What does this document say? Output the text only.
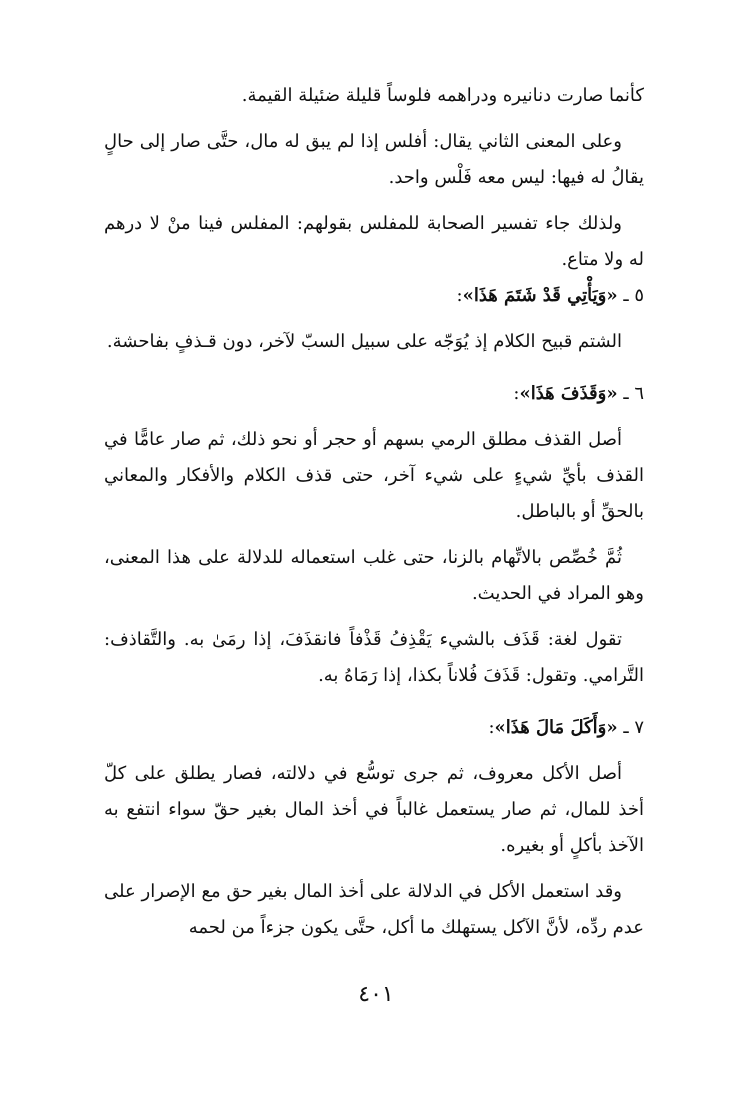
كأنما صارت دنانيره ودراهمه فلوساً قليلة ضئيلة القيمة.

وعلى المعنى الثاني يقال: أفلس إذا لم يبق له مال، حتَّى صار إلى حالٍ يقالُ له فيها: ليس معه فَلْس واحد.

ولذلك جاء تفسير الصحابة للمفلس بقولهم: المفلس فينا منْ لا درهم له ولا متاع.

٥ ـ «وَيَأْتِي قَدْ شَتَمَ هَذَا»:

الشتم قبيح الكلام إذ يُوَجّه على سبيل السبّ لآخر، دون قـذفٍ بفاحشة.

٦ ـ «وَقَذَفَ هَذَا»:

أصل القذف مطلق الرمي بسهم أو حجر أو نحو ذلك، ثم صار عامًّا في القذف بأيِّ شيءٍ على شيء آخر، حتى قذف الكلام والأفكار والمعاني بالحقِّ أو بالباطل.

ثُمَّ خُصِّص بالاتِّهام بالزنا، حتى غلب استعماله للدلالة على هذا المعنى، وهو المراد في الحديث.

تقول لغة: قَذَف بالشيء يَقْذِفُ قَذْفاً فانقذَفَ، إذا رمَىٰ به. والتَّقاذف: التَّرامي. وتقول: قَذَفَ فُلاناً بكذا، إذا رَمَاهُ به.

٧ ـ «وَأَكَلَ مَالَ هَذَا»:

أصل الأكل معروف، ثم جرى توسُّع في دلالته، فصار يطلق على كلّ أخذ للمال، ثم صار يستعمل غالباً في أخذ المال بغير حقّ سواء انتفع به الآخذ بأكلٍ أو بغيره.

وقد استعمل الأكل في الدلالة على أخذ المال بغير حق مع الإصرار على عدم ردِّه، لأنَّ الآكل يستهلك ما أكل، حتَّى يكون جزءاً من لحمه

٤٠١
